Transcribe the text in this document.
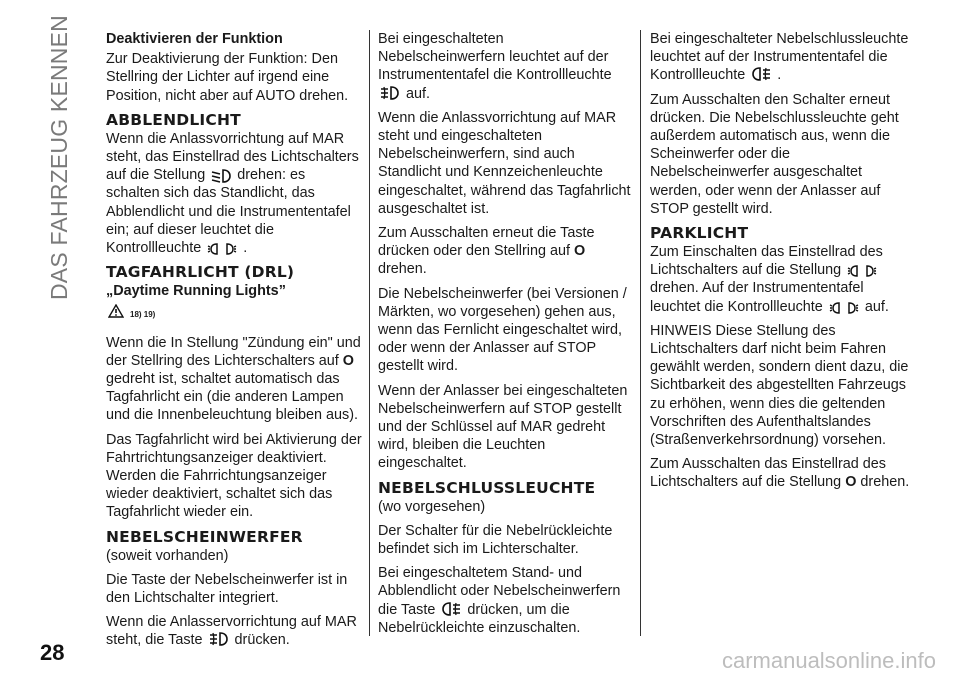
DAS FAHRZEUG KENNEN
28	carmanualsonline.info
Deaktivieren der Funktion

Zur Deaktivierung der Funktion: Den Stellring der Lichter auf irgend eine Position, nicht aber auf AUTO drehen.

ABBLENDLICHT

Wenn die Anlassvorrichtung auf MAR steht, das Einstellrad des Lichtschalters auf die Stellung drehen: es schalten sich das Standlicht, das Abblendlicht und die Instrumententafel ein; auf dieser leuchtet die Kontrollleuchte	.

TAGFAHRLICHT (DRL)
„Daytime Running Lights”
18) 19)

Wenn die In Stellung "Zündung ein" und der Stellring des Lichterschalters auf O gedreht ist, schaltet automatisch das Tagfahrlicht ein (die anderen Lampen und die Innenbeleuchtung bleiben aus).

Das Tagfahrlicht wird bei Aktivierung der Fahrtrichtungsanzeiger deaktiviert. Werden die Fahrrichtungsanzeiger wieder deaktiviert, schaltet sich das Tagfahrlicht wieder ein.

NEBELSCHEINWERFER
(soweit vorhanden)

Die Taste der Nebelscheinwerfer ist in den Lichtschalter integriert.

Wenn die Anlasservorrichtung auf MAR steht, die Taste drücken.

Bei eingeschalteten Nebelscheinwerfern leuchtet auf der Instrumententafel die Kontrollleuchte
auf.

Wenn die Anlassvorrichtung auf MAR steht und eingeschalteten Nebelscheinwerfern, sind auch Standlicht und Kennzeichenleuchte eingeschaltet, während das Tagfahrlicht ausgeschaltet ist.

Zum Ausschalten erneut die Taste drücken oder den Stellring auf O drehen.

Die Nebelscheinwerfer (bei Versionen / Märkten, wo vorgesehen) gehen aus, wenn das Fernlicht eingeschaltet wird, oder wenn der Anlasser auf STOP gestellt wird.

Wenn der Anlasser bei eingeschalteten Nebelscheinwerfern auf STOP gestellt und der Schlüssel auf MAR gedreht wird, bleiben die Leuchten eingeschaltet.

NEBELSCHLUSSLEUCHTE
(wo vorgesehen)

Der Schalter für die Nebelrückleichte befindet sich im Lichterschalter.

Bei eingeschaltetem Stand- und Abblendlicht oder Nebelscheinwerfern die Taste drücken, um die Nebelrückleichte einzuschalten.

Bei eingeschalteter Nebelschlussleuchte leuchtet auf der Instrumententafel die Kontrollleuchte .

Zum Ausschalten den Schalter erneut drücken. Die Nebelschlussleuchte geht außerdem automatisch aus, wenn die Scheinwerfer oder die Nebelscheinwerfer ausgeschaltet werden, oder wenn der Anlasser auf STOP gestellt wird.

PARKLICHT

Zum Einschalten das Einstellrad des Lichtschalters auf die Stellung
drehen. Auf der Instrumententafel leuchtet die Kontrollleuchte	auf.

HINWEIS Diese Stellung des Lichtschalters darf nicht beim Fahren gewählt werden, sondern dient dazu, die Sichtbarkeit des abgestellten Fahrzeugs zu erhöhen, wenn dies die geltenden Vorschriften des Aufenthaltslandes (Straßenverkehrsordnung) vorsehen.

Zum Ausschalten das Einstellrad des Lichtschalters auf die Stellung O drehen.
